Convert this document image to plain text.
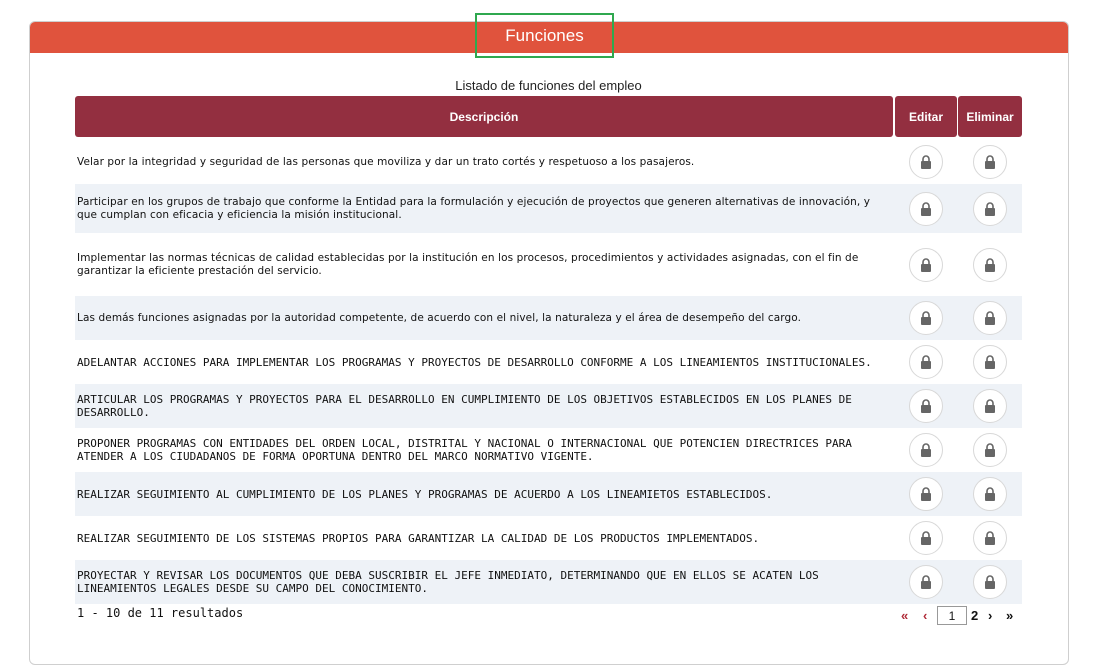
Funciones
Listado de funciones del empleo
Descripción	Editar	Eliminar
Velar por la integridad y seguridad de las personas que moviliza y dar un trato cortés y respetuoso a los pasajeros.
Participar en los grupos de trabajo que conforme la Entidad para la formulación y ejecución de proyectos que generen alternativas de innovación, y que cumplan con eficacia y eficiencia la misión institucional.
Implementar las normas técnicas de calidad establecidas por la institución en los procesos, procedimientos y actividades asignadas, con el fin de garantizar la eficiente prestación del servicio.
Las demás funciones asignadas por la autoridad competente, de acuerdo con el nivel, la naturaleza y el área de desempeño del cargo.
ADELANTAR ACCIONES PARA IMPLEMENTAR LOS PROGRAMAS Y PROYECTOS DE DESARROLLO CONFORME A LOS LINEAMIENTOS INSTITUCIONALES.
ARTICULAR LOS PROGRAMAS Y PROYECTOS PARA EL DESARROLLO EN CUMPLIMIENTO DE LOS OBJETIVOS ESTABLECIDOS EN LOS PLANES DE DESARROLLO.
PROPONER PROGRAMAS CON ENTIDADES DEL ORDEN LOCAL, DISTRITAL Y NACIONAL O INTERNACIONAL QUE POTENCIEN DIRECTRICES PARA ATENDER A LOS CIUDADANOS DE FORMA OPORTUNA DENTRO DEL MARCO NORMATIVO VIGENTE.
REALIZAR SEGUIMIENTO AL CUMPLIMIENTO DE LOS PLANES Y PROGRAMAS DE ACUERDO A LOS LINEAMIETOS ESTABLECIDOS.
REALIZAR SEGUIMIENTO DE LOS SISTEMAS PROPIOS PARA GARANTIZAR LA CALIDAD DE LOS PRODUCTOS IMPLEMENTADOS.
PROYECTAR Y REVISAR LOS DOCUMENTOS QUE DEBA SUSCRIBIR EL JEFE INMEDIATO, DETERMINANDO QUE EN ELLOS SE ACATEN LOS LINEAMIENTOS LEGALES DESDE SU CAMPO DEL CONOCIMIENTO.
1 - 10 de 11 resultados	« ‹	1	2 › »
